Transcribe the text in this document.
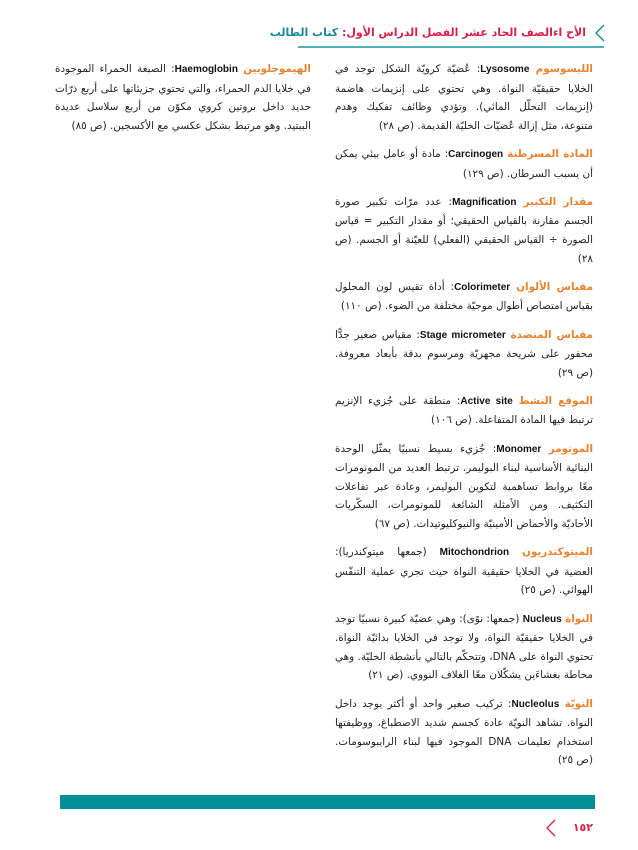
الأح اءالصف الحاد عشر الفصل الدراس الأول: كتاب الطالب

الليسوسوم Lysosome: عُضيّة كرويّة الشكل توجد في الخلايا حقيقيّة النواة. وهي تحتوي على إنزيمات هاضمة (إنزيمات التحلّل المائي). وتؤدي وظائف تفكيك وهدم متنوعة، مثل إزالة عُضيّات الخليّة القديمة. (ص ٢٨)

المادة المسرطنة Carcinogen: مادة أو عامل بيئي يمكن أن يسبب السرطان. (ص ١٢٩)

مقدار التكبير Magnification: عدد مرّات تكبير صورة الجسم مقارنة بالقياس الحقيقي؛ أو مقدار التكبير = قياس الصورة ÷ القياس الحقيقي (الفعلي) للعيّنة أو الجسم. (ص ٢٨)

مقياس الألوان Colorimeter: أداة تقيس لون المحلول بقياس امتصاص أطوال موجيّة مختلفة من الضوء. (ص ١١٠)

مقياس المنضدة Stage micrometer: مقياس صغير جدًّا محفور على شريحة مجهريّة ومرسوم بدقة بأبعاد معروفة. (ص ٢٩)

الموقع النشط Active site: منطقة على جُزيء الإنزيم ترتبط فيها المادة المتفاعلة. (ص ١٠٦)

المونومر Monomer: جُزيء بسيط نسبيًا يمثّل الوحدة البنائية الأساسية لبناء البوليمر. ترتبط العديد من المونومرات معًا بروابط تساهمية لتكوين البوليمر، وعادة عبر تفاعلات التكثيف. ومن الأمثلة الشائعة للمونومرات، السكّريات الأحاديّة والأحماض الأمينيّة والنيوكليوتيدات. (ص ٦٧)

الميتوكندريون Mitochondrion (جمعها ميتوكندريا): العضية في الخلايا حقيقية النواة حيث تجري عملية التنفّس الهوائي. (ص ٢٥)

النواة Nucleus (جمعها: نوًى): وهي عضيّة كبيرة نسبيًا توجد في الخلايا حقيقيّة النواة، ولا توجد في الخلايا بدائيّة النواة. تحتوي النواة على DNA، وتتحكّم بالتالي بأنشطة الخليّة. وهي محاطة بغشاءَين يشكّلان معًا الغلاف النووي. (ص ٢١)

النويّة Nucleolus: تركيب صغير واحد أو أكثر يوجد داخل النواة. تشاهد النويّة عادة كجسم شديد الاصطباغ، ووظيفتها استخدام تعليمات DNA الموجود فيها لبناء الرايبوسومات. (ص ٢٥)

الهيموجلوبين Haemoglobin: الصبغة الحمراء الموجودة في خلايا الدم الحمراء، والتي تحتوي جزيئاتها على أربع ذرّات حديد داخل بروتين كروي مكوّن من أربع سلاسل عديدة الببتيد. وهو مرتبط بشكل عكسي مع الأكسجين. (ص ٨٥)

١٥٢
